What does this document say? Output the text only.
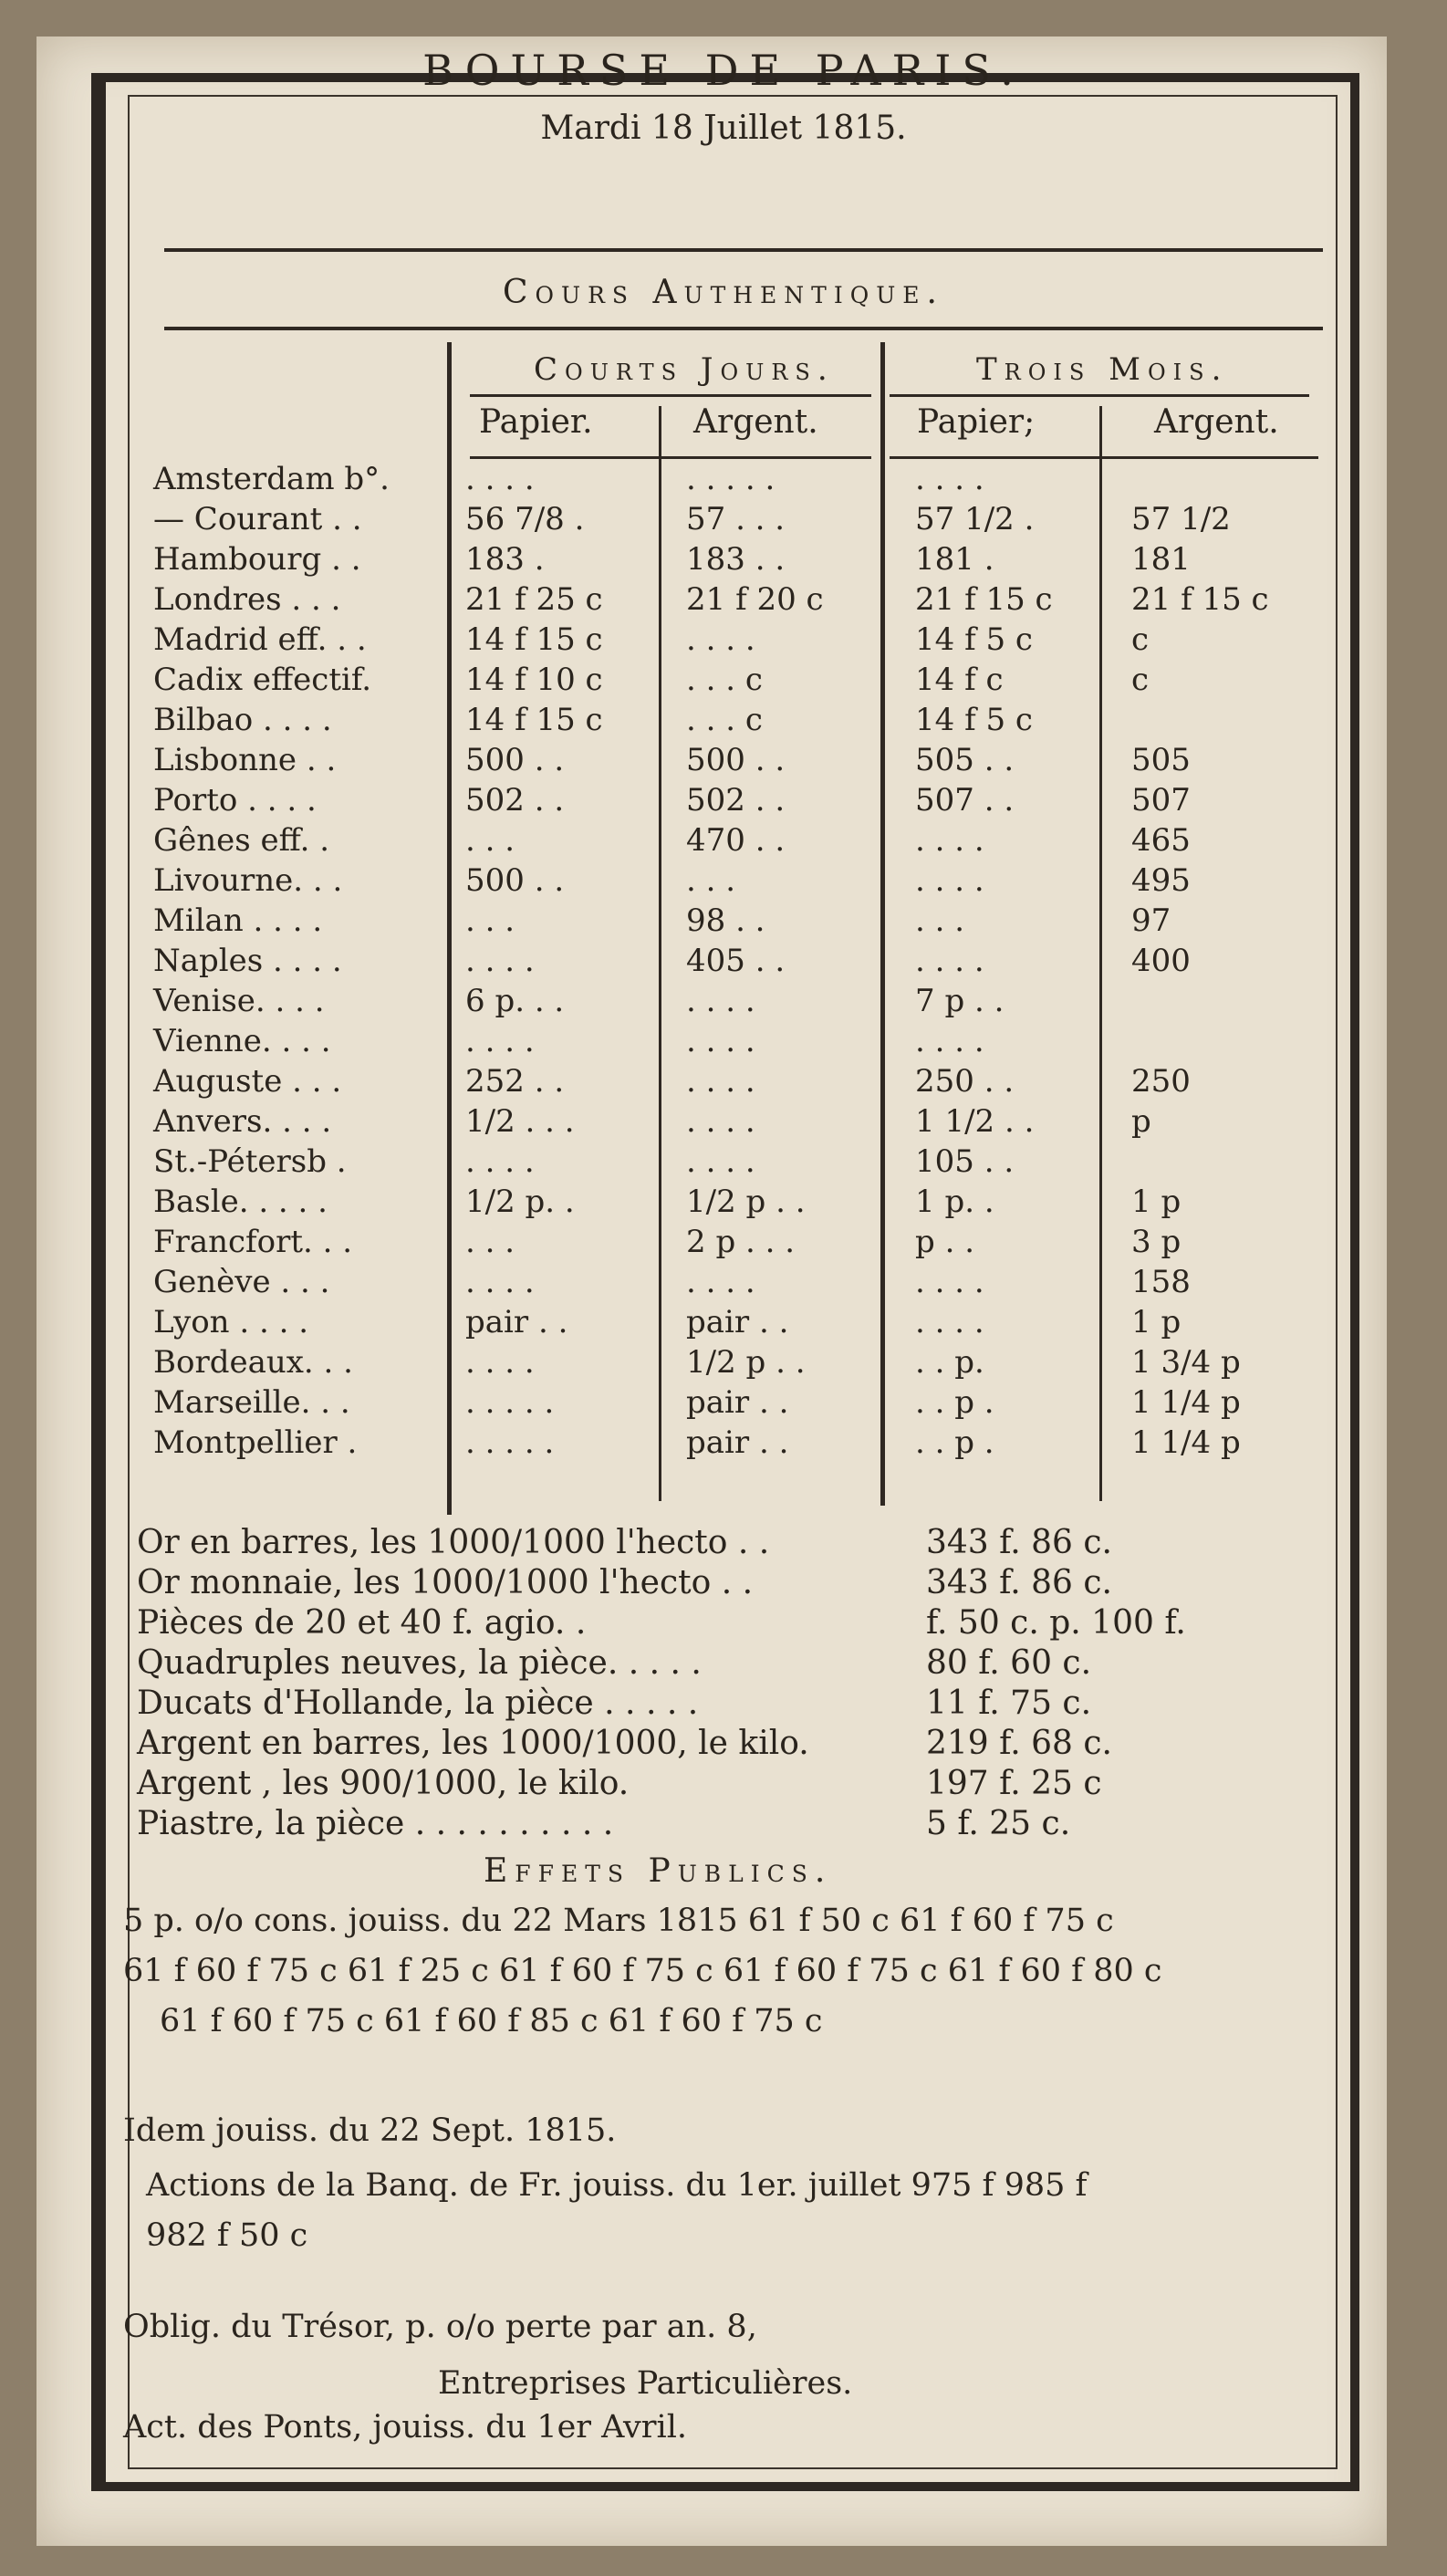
BOURSE DE PARIS.
Mardi 18 Juillet 1815.
Cours Authentique.
Courts Jours.	Trois Mois.
Papier.	Argent.	Papier;	Argent.
Amsterdam b°. . . . .	. . . . .	. . . .
— Courant . .	56 7/8 .	57 . . .	57 1/2 .	57 1/2
Hambourg . .	183 .	183 . .	181 .	181
Londres . . .	21 f 25 c	21 f 20 c	21 f 15 c	21 f 15 c
Madrid eff. . .	14 f 15 c	. . . .	14 f 5 c	c
Cadix effectif.	14 f 10 c	. . . c	14 f c	c
Bilbao . . . .	14 f 15 c	. . . c	14 f 5 c
Lisbonne . .	500 . .	500 . .	505 . .	505
Porto . . . .	502 . .	502 . .	507 . .	507
Gênes eff. .	. . .	470 . .	. . . .	465
Livourne. . .	500 . .	. . .	. . . .	495
Milan . . . .	. . .	98 . .	. . .	97
Naples . . . .	. . . .	405 . .	. . . .	400
Venise. . . .	6 p. . .	. . . .	7 p . .
Vienne. . . .	. . . .	. . . .	. . . .
Auguste . . .	252 . .	. . . .	250 . .	250
Anvers. . . .	1/2 . . .	. . . .	1 1/2 . .	p
St.-Pétersb .	. . . .	. . . .	105 . .
Basle. . . . .	1/2 p. .	1/2 p . .	1 p. .	1 p
Francfort. . .	. . .	2 p . . .	p . .	3 p
Genève . . .	. . . .	. . . .	. . . .	158
Lyon . . . .	pair . .	pair . .	. . . .	1 p
Bordeaux. . .	. . . .	1/2 p . .	. . p.	1 3/4 p
Marseille. . .	. . . . .	pair . .	. . p .	1 1/4 p
Montpellier .	. . . . .	pair . .	. . p .	1 1/4 p
Or en barres, les 1000/1000 l'hecto . .	343 f. 86 c.
Or monnaie, les 1000/1000 l'hecto . .	343 f. 86 c.
Pièces de 20 et 40 f. agio. .	f. 50 c. p. 100 f.
Quadruples neuves, la pièce. . . . .	80 f. 60 c.
Ducats d'Hollande, la pièce . . . . .	11 f. 75 c.
Argent en barres, les 1000/1000, le kilo.	219 f. 68 c.
Argent , les 900/1000, le kilo.	197 f. 25 c
Piastre, la pièce . . . . . . . . . .	5 f. 25 c.
Effets Publics.
5 p. o/o cons. jouiss. du 22 Mars 1815 61 f 50 c 61 f 60 f 75 c
61 f 60 f 75 c 61 f 25 c 61 f 60 f 75 c 61 f 60 f 75 c 61 f 60 f 80 c
61 f 60 f 75 c 61 f 60 f 85 c 61 f 60 f 75 c
Idem jouiss. du 22 Sept. 1815.
Actions de la Banq. de Fr. jouiss. du 1er. juillet 975 f 985 f
982 f 50 c
Oblig. du Trésor, p. o/o perte par an. 8,
Entreprises Particulières.
Act. des Ponts, jouiss. du 1er Avril.
